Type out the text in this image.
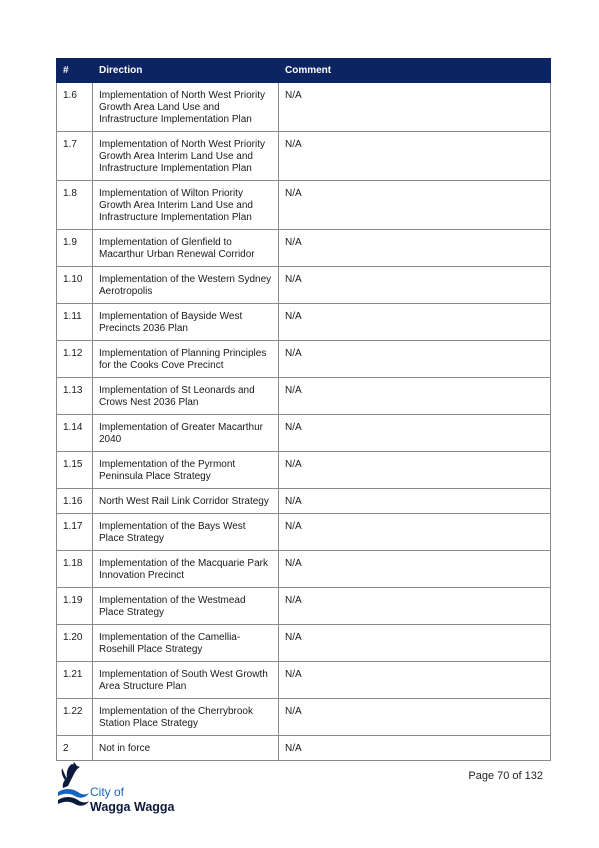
#	Direction	Comment
1.6	Implementation of North West Priority Growth Area Land Use and Infrastructure Implementation Plan	N/A
1.7	Implementation of North West Priority Growth Area Interim Land Use and Infrastructure Implementation Plan	N/A
1.8	Implementation of Wilton Priority Growth Area Interim Land Use and Infrastructure Implementation Plan	N/A
1.9	Implementation of Glenfield to Macarthur Urban Renewal Corridor	N/A
1.10	Implementation of the Western Sydney Aerotropolis	N/A
1.11	Implementation of Bayside West Precincts 2036 Plan	N/A
1.12	Implementation of Planning Principles for the Cooks Cove Precinct	N/A
1.13	Implementation of St Leonards and Crows Nest 2036 Plan	N/A
1.14	Implementation of Greater Macarthur 2040	N/A
1.15	Implementation of the Pyrmont Peninsula Place Strategy	N/A
1.16	North West Rail Link Corridor Strategy	N/A
1.17	Implementation of the Bays West Place Strategy	N/A
1.18	Implementation of the Macquarie Park Innovation Precinct	N/A
1.19	Implementation of the Westmead Place Strategy	N/A
1.20	Implementation of the Camellia-Rosehill Place Strategy	N/A
1.21	Implementation of South West Growth Area Structure Plan	N/A
1.22	Implementation of the Cherrybrook Station Place Strategy	N/A
2	Not in force	N/A
City of
Wagga Wagga
Page 70 of 132
